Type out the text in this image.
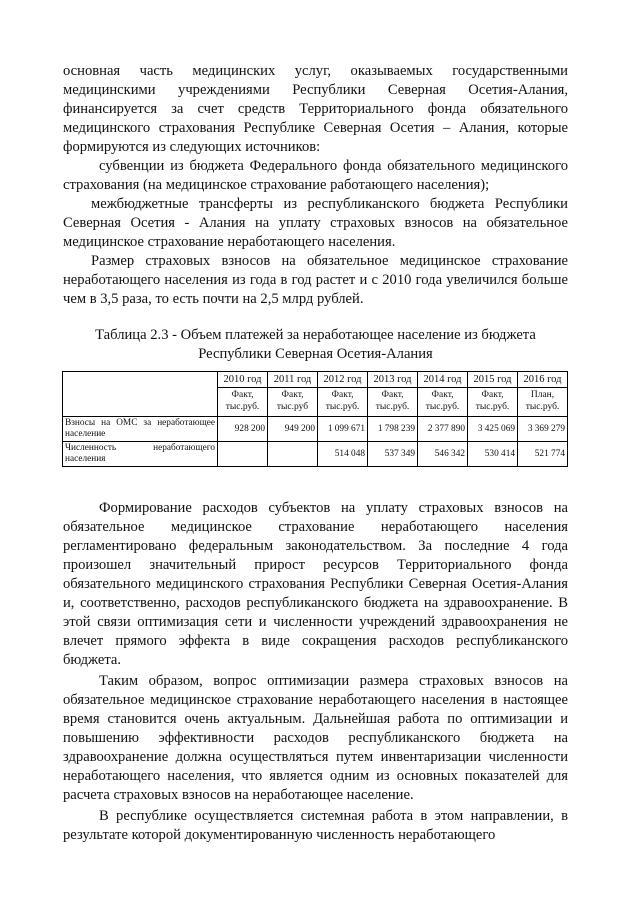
основная часть медицинских услуг, оказываемых государственными медицинскими учреждениями Республики Северная Осетия-Алания, финансируется за счет средств Территориального фонда обязательного медицинского страхования Республике Северная Осетия – Алания, которые формируются из следующих источников:

субвенции из бюджета Федерального фонда обязательного медицинского страхования (на медицинское страхование работающего населения);

межбюджетные трансферты из республиканского бюджета Республики Северная Осетия - Алания на уплату страховых взносов на обязательное медицинское страхование неработающего населения.

Размер страховых взносов на обязательное медицинское страхование неработающего населения из года в год растет и с 2010 года увеличился больше чем в 3,5 раза, то есть почти на 2,5 млрд рублей.

Таблица 2.3 - Объем платежей за неработающее население из бюджета
Республики Северная Осетия-Алания
	2010 год	2011 год	2012 год	2013 год	2014 год	2015 год	2016 год
	Факт, тыс.руб.	Факт, тыс.руб	Факт, тыс.руб.	Факт, тыс.руб.	Факт, тыс.руб.	Факт, тыс.руб.	План, тыс.руб.
Взносы на ОМС за неработающее население	928 200	949 200	1 099 671	1 798 239	2 377 890	3 425 069	3 369 279
Численность неработающего населения			514 048	537 349	546 342	530 414	521 774

Формирование расходов субъектов на уплату страховых взносов на обязательное медицинское страхование неработающего населения регламентировано федеральным законодательством. За последние 4 года произошел значительный прирост ресурсов Территориального фонда обязательного медицинского страхования Республики Северная Осетия-Алания и, соответственно, расходов республиканского бюджета на здравоохранение. В этой связи оптимизация сети и численности учреждений здравоохранения не влечет прямого эффекта в виде сокращения расходов республиканского бюджета.

Таким образом, вопрос оптимизации размера страховых взносов на обязательное медицинское страхование неработающего населения в настоящее время становится очень актуальным. Дальнейшая работа по оптимизации и повышению эффективности расходов республиканского бюджета на здравоохранение должна осуществляться путем инвентаризации численности неработающего населения, что является одним из основных показателей для расчета страховых взносов на неработающее население.

В республике осуществляется системная работа в этом направлении, в результате которой документированную численность неработающего
